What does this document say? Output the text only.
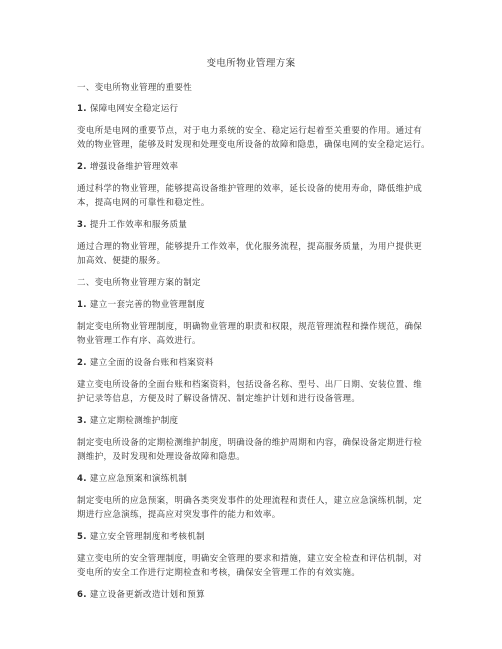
变电所物业管理方案
一、变电所物业管理的重要性
1. 保障电网安全稳定运行
变电所是电网的重要节点，对于电力系统的安全、稳定运行起着至关重要的作用。通过有
效的物业管理，能够及时发现和处理变电所设备的故障和隐患，确保电网的安全稳定运行。
2. 增强设备维护管理效率
通过科学的物业管理，能够提高设备维护管理的效率，延长设备的使用寿命，降低维护成
本，提高电网的可靠性和稳定性。
3. 提升工作效率和服务质量
通过合理的物业管理，能够提升工作效率，优化服务流程，提高服务质量，为用户提供更
加高效、便捷的服务。
二、变电所物业管理方案的制定
1. 建立一套完善的物业管理制度
制定变电所物业管理制度，明确物业管理的职责和权限，规范管理流程和操作规范，确保
物业管理工作有序、高效进行。
2. 建立全面的设备台账和档案资料
建立变电所设备的全面台账和档案资料，包括设备名称、型号、出厂日期、安装位置、维
护记录等信息，方便及时了解设备情况、制定维护计划和进行设备管理。
3. 建立定期检测维护制度
制定变电所设备的定期检测维护制度，明确设备的维护周期和内容，确保设备定期进行检
测维护，及时发现和处理设备故障和隐患。
4. 建立应急预案和演练机制
制定变电所的应急预案，明确各类突发事件的处理流程和责任人，建立应急演练机制，定
期进行应急演练，提高应对突发事件的能力和效率。
5. 建立安全管理制度和考核机制
建立变电所的安全管理制度，明确安全管理的要求和措施，建立安全检查和评估机制，对
变电所的安全工作进行定期检查和考核，确保安全管理工作的有效实施。
6. 建立设备更新改造计划和预算
